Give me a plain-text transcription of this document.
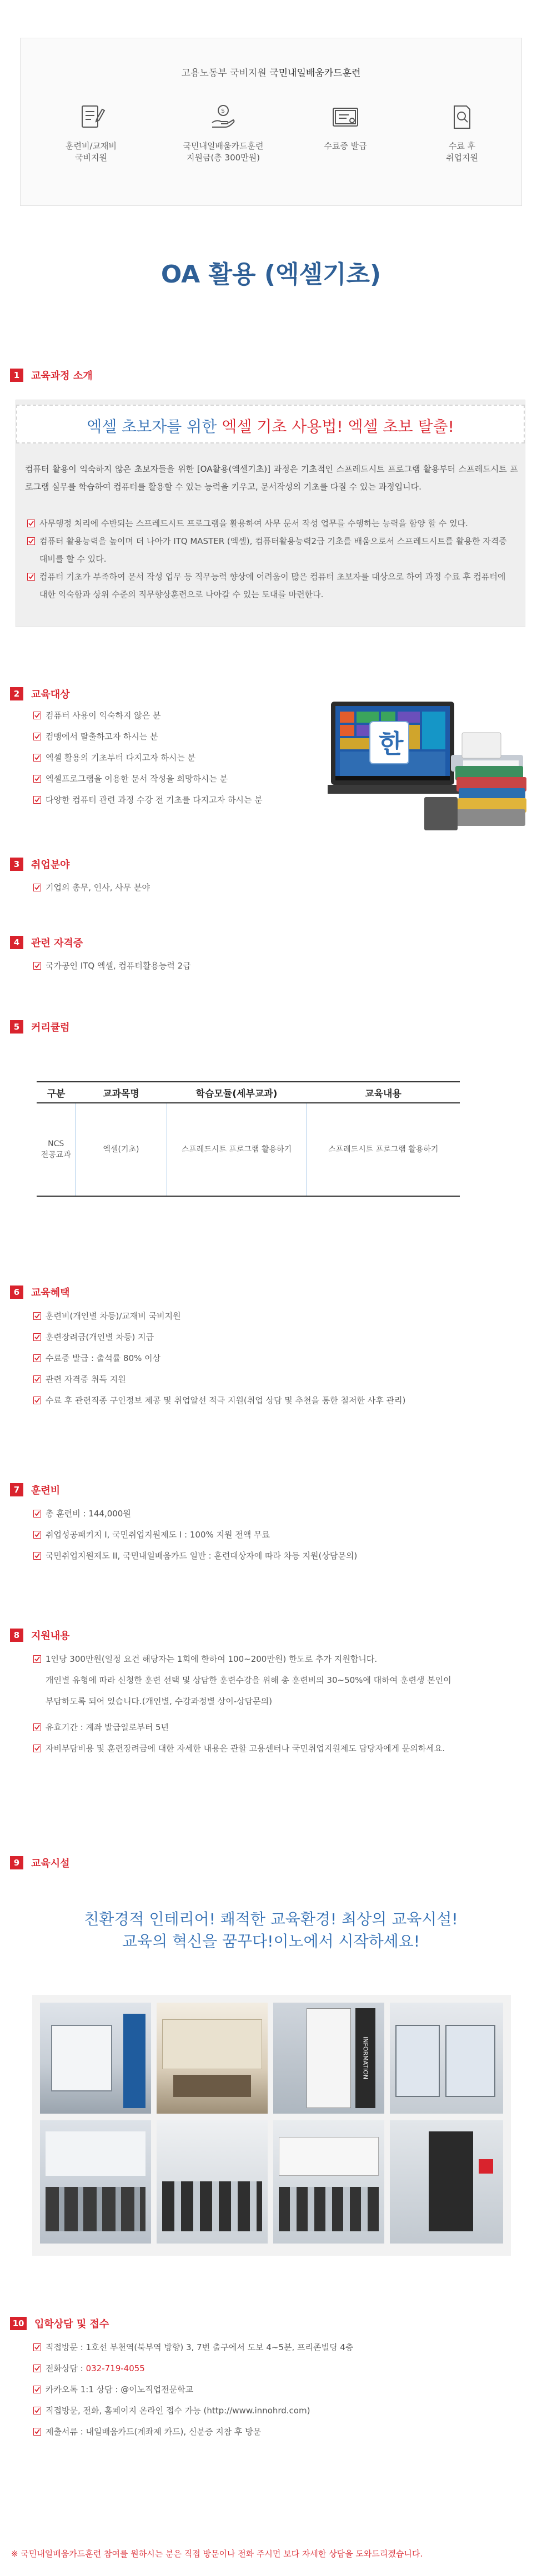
고용노동부 국비지원 국민내일배움카드훈련
훈련비/교재비
국비지원
$
국민내일배움카드훈련
지원금(총 300만원)
수료증 발급	수료 후
취업지원
OA 활용 (엑셀기초)
1	교육과정 소개
엑셀 초보자를 위한 엑셀 기초 사용법! 엑셀 초보 탈출!
컴퓨터 활용이 익숙하지 않은 초보자들을 위한 [OA활용(엑셀기초)] 과정은 기초적인 스프레드시트 프로그램 활용부터 스프레드시트 프로그램 실무를 학습하여 컴퓨터를 활용할 수 있는 능력을 키우고, 문서작성의 기초를 다질 수 있는 과정입니다.
사무행정 처리에 수반되는 스프레드시트 프로그램을 활용하여 사무 문서 작성 업무를 수행하는 능력을 함양 할 수 있다.
컴퓨터 활용능력을 높이며 더 나아가 ITQ MASTER (엑셀), 컴퓨터활용능력2급 기초를 배움으로서 스프레드시트를 활용한 자격증 대비를 할 수 있다.
컴퓨터 기초가 부족하여 문서 작성 업무 등 직무능력 향상에 어려움이 많은 컴퓨터 초보자를 대상으로 하여 과정 수료 후 컴퓨터에 대한 익숙함과 상위 수준의 직무향상훈련으로 나아갈 수 있는 토대를 마련한다.
2	교육대상
컴퓨터 사용이 익숙하지 않은 분
컴맹에서 탈출하고자 하시는 분
엑셀 활용의 기초부터 다지고자 하시는 분
엑셀프로그램을 이용한 문서 작성을 희망하시는 분
다양한 컴퓨터 관련 과정 수강 전 기초를 다지고자 하시는 분
한
3	취업분야
기업의 총무, 인사, 사무 분야
4	관련 자격증
국가공인 ITQ 엑셀, 컴퓨터활용능력 2급
5	커리큘럼
구분	교과목명	학습모듈(세부교과)	교육내용
NCS
전공교과	엑셀(기초)	스프레드시트 프로그램 활용하기	스프레드시트 프로그램 활용하기
6	교육혜택
훈련비(개인별 차등)/교재비 국비지원
훈련장려금(개인별 차등) 지급
수료증 발급 : 출석률 80% 이상
관련 자격증 취득 지원
수료 후 관련직종 구인정보 제공 및 취업알선 적극 지원(취업 상담 및 추천을 통한 철저한 사후 관리)
7	훈련비
총 훈련비 : 144,000원
취업성공패키지 I, 국민취업지원제도 I : 100% 지원 전액 무료
국민취업지원제도 II, 국민내일배움카드 일반 : 훈련대상자에 따라 차등 지원(상담문의)
8	지원내용
1인당 300만원(일정 요건 해당자는 1회에 한하여 100~200만원) 한도로 추가 지원합니다.
개인별 유형에 따라 신청한 훈련 선택 및 상담한 훈련수강을 위해 총 훈련비의 30~50%에 대하여 훈련생 본인이
부담하도록 되어 있습니다.(개인별, 수강과정별 상이-상담문의)
유효기간 : 계좌 발급일로부터 5년
자비부담비용 및 훈련장려금에 대한 자세한 내용은 관할 고용센터나 국민취업지원제도 담당자에게 문의하세요.
9	교육시설
친환경적 인테리어! 쾌적한 교육환경! 최상의 교육시설!
교육의 혁신을 꿈꾸다!이노에서 시작하세요!
INFORMATION
10 입학상담 및 접수
직접방문 : 1호선 부천역(북부역 방향) 3, 7번 출구에서 도보 4~5분, 프리존빌딩 4층
전화상담 : 032-719-4055
카카오톡 1:1 상담 : @이노직업전문학교
직접방문, 전화, 홈페이지 온라인 접수 가능 (http://www.innohrd.com)
제출서류 : 내일배움카드(계좌제 카드), 신분증 지참 후 방문
※ 국민내일배움카드훈련 참여를 원하시는 분은 직접 방문이나 전화 주시면 보다 자세한 상담을 도와드리겠습니다.
